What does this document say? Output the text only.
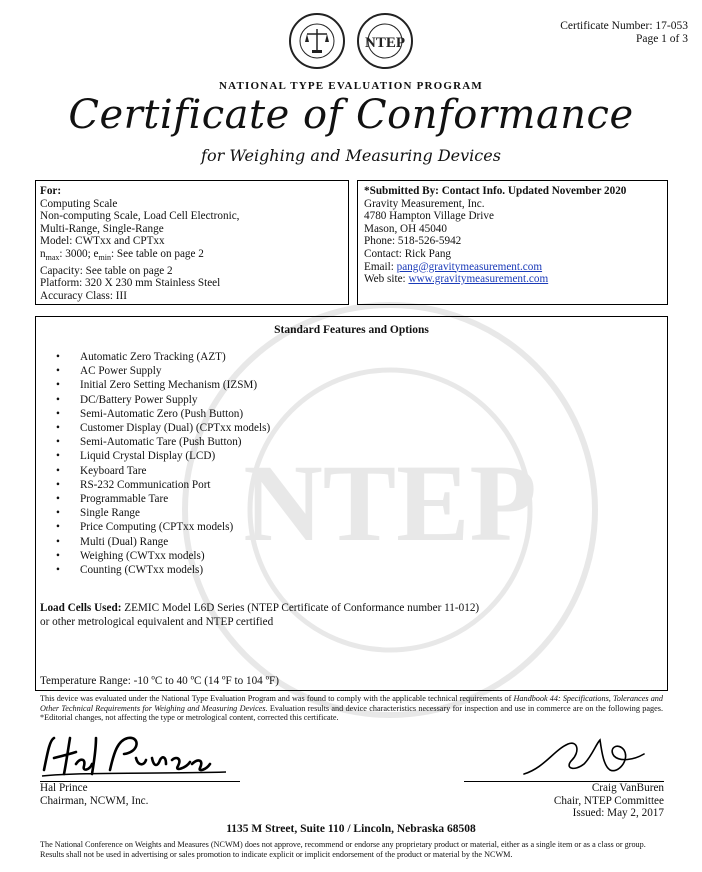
NTEP
NTEP
Certificate Number: 17-053
Page 1 of 3
NATIONAL TYPE EVALUATION PROGRAM
Certificate of Conformance
for Weighing and Measuring Devices
For:
Computing Scale
Non-computing Scale, Load Cell Electronic,
Multi-Range, Single-Range
Model: CWTxx and CPTxx
$n_{max}$: 3000; $e_{min}$: See table on page 2
Capacity: See table on page 2
Platform: 320 X 230 mm Stainless Steel
Accuracy Class: III
*Submitted By: Contact Info. Updated November 2020
Gravity Measurement, Inc.
4780 Hampton Village Drive
Mason, OH 45040
Phone: 518-526-5942
Contact: Rick Pang
Email: pang@gravitymeasurement.com
Web site: www.gravitymeasurement.com
Standard Features and Options
• Automatic Zero Tracking (AZT)
• AC Power Supply
• Initial Zero Setting Mechanism (IZSM)
• DC/Battery Power Supply
• Semi-Automatic Zero (Push Button)
• Customer Display (Dual) (CPTxx models)
• Semi-Automatic Tare (Push Button)
• Liquid Crystal Display (LCD)
• Keyboard Tare
• RS-232 Communication Port
• Programmable Tare
• Single Range
• Price Computing (CPTxx models)
• Multi (Dual) Range
• Weighing (CWTxx models)
• Counting (CWTxx models)
Load Cells Used: ZEMIC Model L6D Series (NTEP Certificate of Conformance number 11-012)
or other metrological equivalent and NTEP certified
Temperature Range: -10 ºC to 40 ºC (14 ºF to 104 ºF)
This device was evaluated under the National Type Evaluation Program and was found to comply with the applicable technical requirements of Handbook 44: Specifications, Tolerances and Other Technical Requirements for Weighing and Measuring Devices. Evaluation results and device characteristics necessary for inspection and use in commerce are on the following pages. *Editorial changes, not affecting the type or metrological content, corrected this certificate.
Hal Prince
Chairman, NCWM, Inc.
Craig VanBuren
Chair, NTEP Committee
Issued: May 2, 2017
1135 M Street, Suite 110 / Lincoln, Nebraska 68508
The National Conference on Weights and Measures (NCWM) does not approve, recommend or endorse any proprietary product or material, either as a single item or as a class or group. Results shall not be used in advertising or sales promotion to indicate explicit or implicit endorsement of the product or material by the NCWM.
